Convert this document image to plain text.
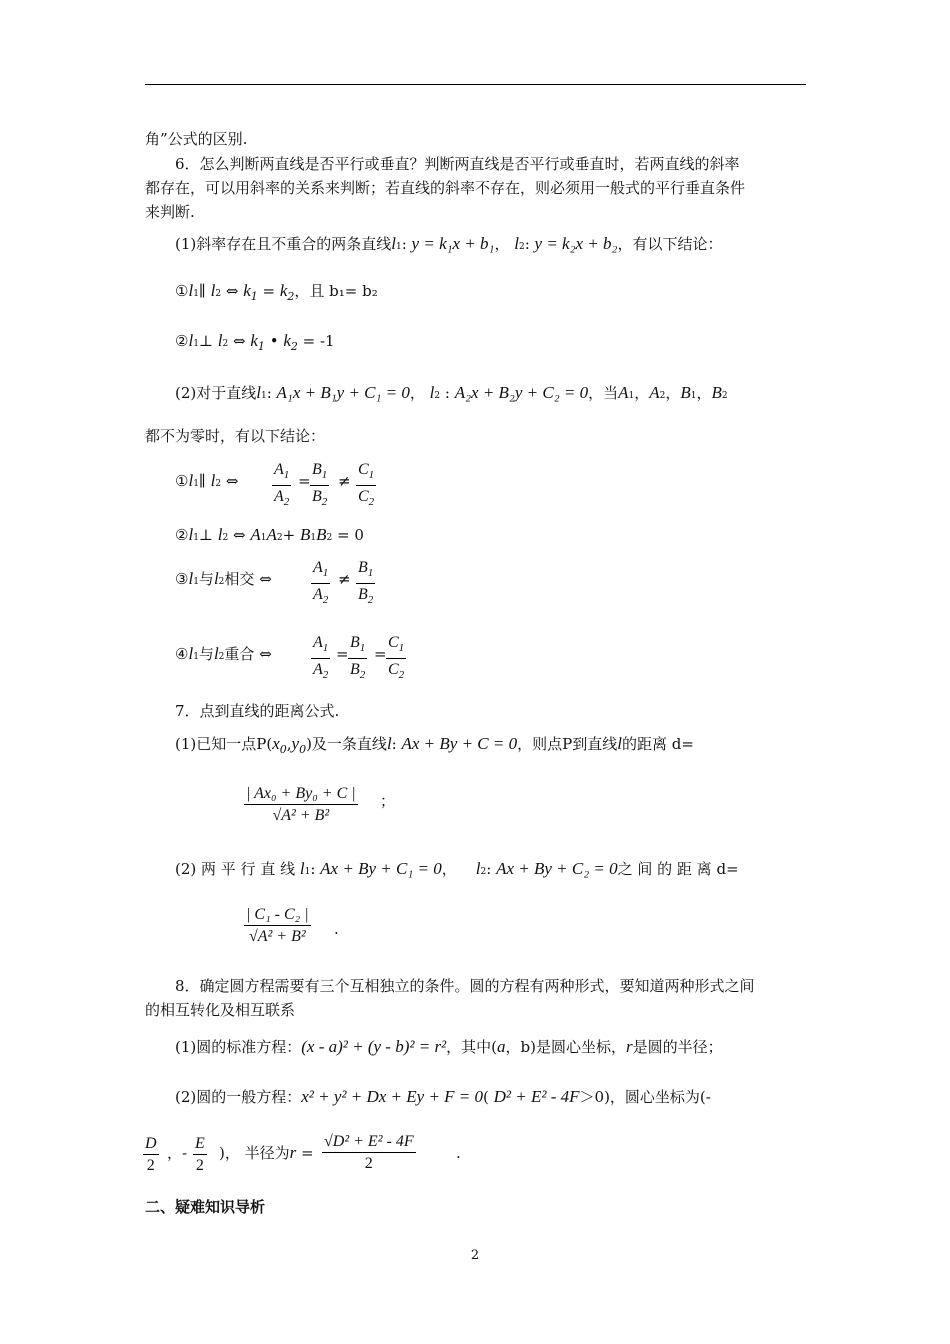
角”公式的区别.
6．怎么判断两直线是否平行或垂直？判断两直线是否平行或垂直时，若两直线的斜率
都存在，可以用斜率的关系来判断；若直线的斜率不存在，则必须用一般式的平行垂直条件
来判断.
(1)斜率存在且不重合的两条直线l1: y = k₁x + b₁， l2: y = k₂x + b₂，有以下结论：
①l1∥ l2 ⇔ $k_1 = k_2$，且 b₁= b₂
②l1⊥ l2 ⇔ $k_1$ • $k_2 = -1$
(2)对于直线l1: A₁x + B₁y + C₁ = 0， l2 : A₂x + B₂y + C₂ = 0，当A1，A2，B1，B2
都不为零时，有以下结论：
①l1∥ l2 ⇔ $\frac{A_1}{A_2} = \frac{B_1}{B_2} \ne \frac{C_1}{C_2}$
②l1⊥ l2 ⇔ A1A2+ B1B2 = 0
③l1与l2相交 ⇔ $\frac{A_1}{A_2} \ne \frac{B_1}{B_2}$
④l1与l2重合 ⇔ $\frac{A_1}{A_2} = \frac{B_1}{B_2} = \frac{C_1}{C_2}$
7．点到直线的距离公式.
(1)已知一点$P(x_0,y_0)$及一条直线l: Ax + By + C = 0，则点P到直线l的距离 d=
$\frac{\text{| Ax₀ + By₀ + C |}}{\text{√A² + B²}}$ ；
(2) 两 平 行 直 线 l1: Ax + By + C₁ = 0，    l2: Ax + By + C₂ = 0之 间 的 距 离 d=
$\frac{\text{| C₁ - C₂ |}}{\text{√A² + B²}}$ .
8．确定圆方程需要有三个互相独立的条件。圆的方程有两种形式，要知道两种形式之间
的相互转化及相互联系
(1)圆的标准方程：(x - a)² + (y - b)² = r²，其中(a，b)是圆心坐标，r是圆的半径；
(2)圆的一般方程：x² + y² + Dx + Ey + F = 0( D² + E² - 4F＞0)，圆心坐标为(-
$\frac{D}{2}$ ，- $\frac{E}{2}$ )， 半径为$r = \frac{\text{√D² + E² - 4F}}{2}$	.
二、疑难知识导析
2
